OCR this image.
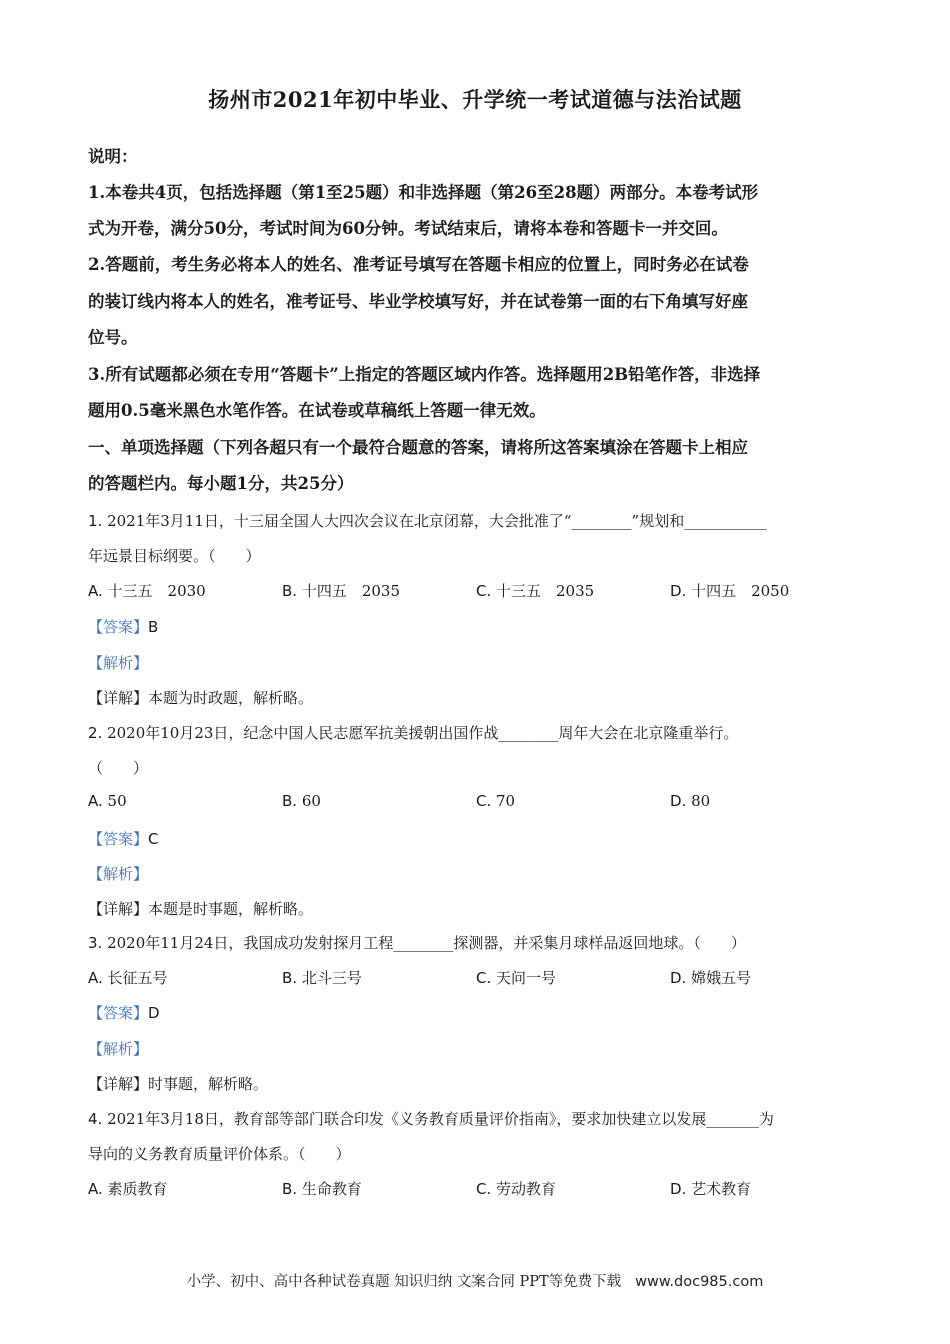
扬州市2021年初中毕业、升学统一考试道德与法治试题
说明：
1.本卷共4页，包括选择题（第1至25题）和非选择题（第26至28题）两部分。本卷考试形
式为开卷，满分50分，考试时间为60分钟。考试结束后，请将本卷和答题卡一并交回。
2.答题前，考生务必将本人的姓名、准考证号填写在答题卡相应的位置上，同时务必在试卷
的装订线内将本人的姓名，准考证号、毕业学校填写好，并在试卷第一面的右下角填写好座
位号。
3.所有试题都必须在专用“答题卡”上指定的答题区域内作答。选择题用2B铅笔作答，非选择
题用0.5毫米黑色水笔作答。在试卷或草稿纸上答题一律无效。
一、单项选择题（下列各超只有一个最符合题意的答案，请将所这答案填涂在答题卡上相应
的答题栏内。每小题1分，共25分）
1. 2021年3月11日，十三届全国人大四次会议在北京闭幕，大会批准了“________”规划和___________
年远景目标纲要。（　　）
A. 十三五　2030	B. 十四五　2035	C. 十三五　2035	D. 十四五　2050
【答案】B
【解析】
【详解】本题为时政题，解析略。
2. 2020年10月23日，纪念中国人民志愿军抗美援朝出国作战________周年大会在北京隆重举行。
（　　）
A. 50	B. 60	C. 70	D. 80
【答案】C
【解析】
【详解】本题是时事题，解析略。
3. 2020年11月24日，我国成功发射探月工程________探测器，并采集月球样品返回地球。（　　）
A. 长征五号	B. 北斗三号	C. 天问一号	D. 嫦娥五号
【答案】D
【解析】
【详解】时事题，解析略。
4. 2021年3月18日，教育部等部门联合印发《义务教育质量评价指南》，要求加快建立以发展_______为
导向的义务教育质量评价体系。（　　）
A. 素质教育	B. 生命教育	C. 劳动教育	D. 艺术教育
小学、初中、高中各种试卷真题 知识归纳 文案合同 PPT等免费下载 www.doc985.com
